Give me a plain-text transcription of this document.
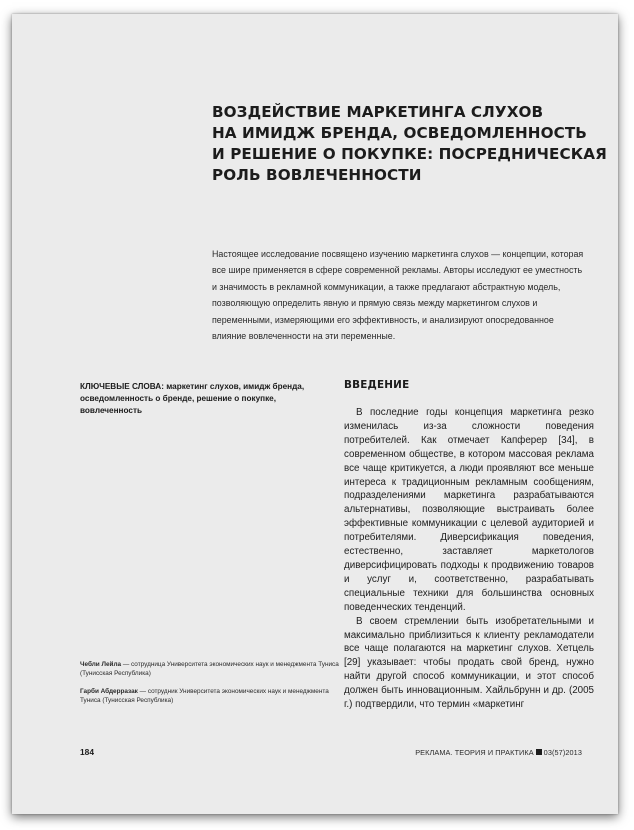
ВОЗДЕЙСТВИЕ МАРКЕТИНГА СЛУХОВ
НА ИМИДЖ БРЕНДА, ОСВЕДОМЛЕННОСТЬ
И РЕШЕНИЕ О ПОКУПКЕ: ПОСРЕДНИЧЕСКАЯ
РОЛЬ ВОВЛЕЧЕННОСТИ
Настоящее исследование посвящено изучению маркетинга слухов — концепции, которая все шире применяется в сфере современной рекламы. Авторы исследуют ее уместность и значимость в рекламной коммуникации, а также предлагают абстрактную модель, позволяющую определить явную и прямую связь между маркетингом слухов и переменными, измеряющими его эффективность, и анализируют опосредованное влияние вовлеченности на эти переменные.
КЛЮЧЕВЫЕ СЛОВА: маркетинг слухов, имидж бренда, осведомленность о бренде, решение о покупке, вовлеченность
ВВЕДЕНИЕ

В последние годы концепция маркетинга резко изменилась из-за сложности поведения потребителей. Как отмечает Капферер [34], в современном обществе, в котором массовая реклама все чаще критикуется, а люди проявляют все меньше интереса к традиционным рекламным сообщениям, подразделениями маркетинга разрабатываются альтернативы, позволяющие выстраивать более эффективные коммуникации с целевой аудиторией и потребителями. Диверсификация поведения, естественно, заставляет маркетологов диверсифицировать подходы к продвижению товаров и услуг и, соответственно, разрабатывать специальные техники для большинства основных поведенческих тенденций.

В своем стремлении быть изобретательными и максимально приблизиться к клиенту рекламодатели все чаще полагаются на маркетинг слухов. Хетцель [29] указывает: чтобы продать свой бренд, нужно найти другой способ коммуникации, и этот способ должен быть инновационным. Хайльбрунн и др. (2005 г.) подтвердили, что термин «маркетинг

Чебли Лейла — сотрудница Университета экономических наук и менеджмента Туниса (Тунисская Республика)
Гарби Абдерразак — сотрудник Университета экономических наук и менеджмента Туниса (Тунисская Республика)
184	РЕКЛАМА. ТЕОРИЯ И ПРАКТИКА 03(57)2013
